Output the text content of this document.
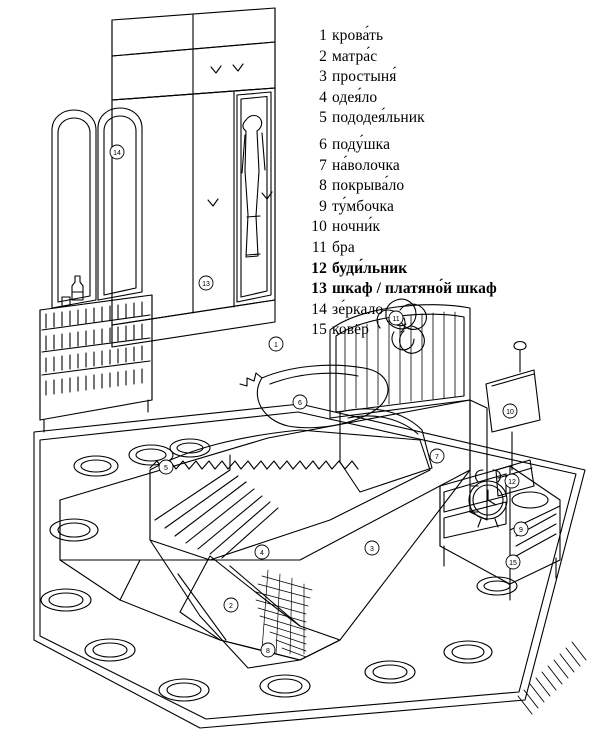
1
2
3
4
5
6
7
8
9
10
11
12
13
14
15
1 крова́ть
2 матра́с
3 простыня́
4 одея́ло
5 пододея́льник
6 поду́шка
7 на́волочка
8 покрыва́ло
9 ту́мбочка
10 ночни́к
11 бра
12 буди́льник
13 шкаф / платяно́й шкаф
14 зе́ркало
15 ковёр
